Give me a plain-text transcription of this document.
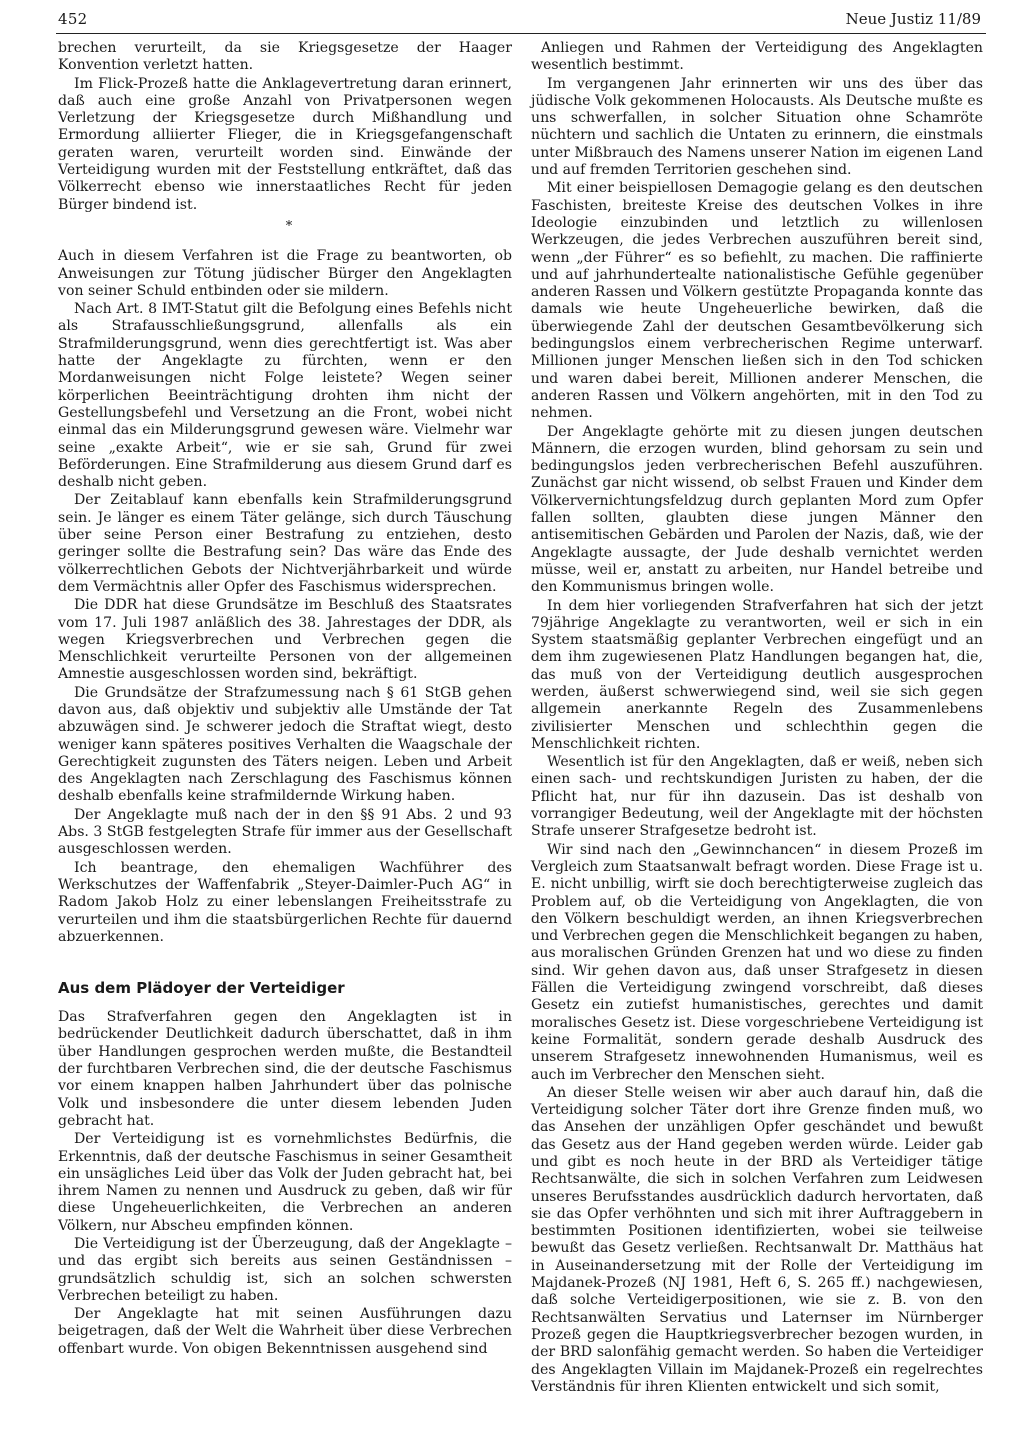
452	Neue Justiz 11/89

brechen verurteilt, da sie Kriegsgesetze der Haager Konvention verletzt hatten.

Im Flick-Prozeß hatte die Anklagevertretung daran erinnert, daß auch eine große Anzahl von Privatpersonen wegen Verletzung der Kriegsgesetze durch Mißhandlung und Ermordung alliierter Flieger, die in Kriegsgefangenschaft geraten waren, verurteilt worden sind. Einwände der Verteidigung wurden mit der Feststellung entkräftet, daß das Völkerrecht ebenso wie innerstaatliches Recht für jeden Bürger bindend ist.

*

Auch in diesem Verfahren ist die Frage zu beantworten, ob Anweisungen zur Tötung jüdischer Bürger den Angeklagten von seiner Schuld entbinden oder sie mildern.

Nach Art. 8 IMT-Statut gilt die Befolgung eines Befehls nicht als Strafausschließungsgrund, allenfalls als ein Strafmilderungsgrund, wenn dies gerechtfertigt ist. Was aber hatte der Angeklagte zu fürchten, wenn er den Mordanweisungen nicht Folge leistete? Wegen seiner körperlichen Beeinträchtigung drohten ihm nicht der Gestellungsbefehl und Versetzung an die Front, wobei nicht einmal das ein Milderungsgrund gewesen wäre. Vielmehr war seine „exakte Arbeit“, wie er sie sah, Grund für zwei Beförderungen. Eine Strafmilderung aus diesem Grund darf es deshalb nicht geben.

Der Zeitablauf kann ebenfalls kein Strafmilderungsgrund sein. Je länger es einem Täter gelänge, sich durch Täuschung über seine Person einer Bestrafung zu entziehen, desto geringer sollte die Bestrafung sein? Das wäre das Ende des völkerrechtlichen Gebots der Nichtverjährbarkeit und würde dem Vermächtnis aller Opfer des Faschismus widersprechen.

Die DDR hat diese Grundsätze im Beschluß des Staatsrates vom 17. Juli 1987 anläßlich des 38. Jahrestages der DDR, als wegen Kriegsverbrechen und Verbrechen gegen die Menschlichkeit verurteilte Personen von der allgemeinen Amnestie ausgeschlossen worden sind, bekräftigt.

Die Grundsätze der Strafzumessung nach § 61 StGB gehen davon aus, daß objektiv und subjektiv alle Umstände der Tat abzuwägen sind. Je schwerer jedoch die Straftat wiegt, desto weniger kann späteres positives Verhalten die Waagschale der Gerechtigkeit zugunsten des Täters neigen. Leben und Arbeit des Angeklagten nach Zerschlagung des Faschismus können deshalb ebenfalls keine strafmildernde Wirkung haben.

Der Angeklagte muß nach der in den §§ 91 Abs. 2 und 93 Abs. 3 StGB festgelegten Strafe für immer aus der Gesellschaft ausgeschlossen werden.

Ich beantrage, den ehemaligen Wachführer des Werkschutzes der Waffenfabrik „Steyer-Daimler-Puch AG“ in Radom Jakob Holz zu einer lebenslangen Freiheitsstrafe zu verurteilen und ihm die staatsbürgerlichen Rechte für dauernd abzuerkennen.

Aus dem Plädoyer der Verteidiger

Das Strafverfahren gegen den Angeklagten ist in bedrückender Deutlichkeit dadurch überschattet, daß in ihm über Handlungen gesprochen werden mußte, die Bestandteil der furchtbaren Verbrechen sind, die der deutsche Faschismus vor einem knappen halben Jahrhundert über das polnische Volk und insbesondere die unter diesem lebenden Juden gebracht hat.

Der Verteidigung ist es vornehmlichstes Bedürfnis, die Erkenntnis, daß der deutsche Faschismus in seiner Gesamtheit ein unsägliches Leid über das Volk der Juden gebracht hat, bei ihrem Namen zu nennen und Ausdruck zu geben, daß wir für diese Ungeheuerlichkeiten, die Verbrechen an anderen Völkern, nur Abscheu empfinden können.

Die Verteidigung ist der Überzeugung, daß der Angeklagte – und das ergibt sich bereits aus seinen Geständnissen – grundsätzlich schuldig ist, sich an solchen schwersten Verbrechen beteiligt zu haben.

Der Angeklagte hat mit seinen Ausführungen dazu beigetragen, daß der Welt die Wahrheit über diese Verbrechen offenbart wurde. Von obigen Bekenntnissen ausgehend sind

Anliegen und Rahmen der Verteidigung des Angeklagten wesentlich bestimmt.

Im vergangenen Jahr erinnerten wir uns des über das jüdische Volk gekommenen Holocausts. Als Deutsche mußte es uns schwerfallen, in solcher Situation ohne Schamröte nüchtern und sachlich die Untaten zu erinnern, die einstmals unter Mißbrauch des Namens unserer Nation im eigenen Land und auf fremden Territorien geschehen sind.

Mit einer beispiellosen Demagogie gelang es den deutschen Faschisten, breiteste Kreise des deutschen Volkes in ihre Ideologie einzubinden und letztlich zu willenlosen Werkzeugen, die jedes Verbrechen auszuführen bereit sind, wenn „der Führer“ es so befiehlt, zu machen. Die raffinierte und auf jahrhundertealte nationalistische Gefühle gegenüber anderen Rassen und Völkern gestützte Propaganda konnte das damals wie heute Ungeheuerliche bewirken, daß die überwiegende Zahl der deutschen Gesamtbevölkerung sich bedingungslos einem verbrecherischen Regime unterwarf. Millionen junger Menschen ließen sich in den Tod schicken und waren dabei bereit, Millionen anderer Menschen, die anderen Rassen und Völkern angehörten, mit in den Tod zu nehmen.

Der Angeklagte gehörte mit zu diesen jungen deutschen Männern, die erzogen wurden, blind gehorsam zu sein und bedingungslos jeden verbrecherischen Befehl auszuführen. Zunächst gar nicht wissend, ob selbst Frauen und Kinder dem Völkervernichtungsfeldzug durch geplanten Mord zum Opfer fallen sollten, glaubten diese jungen Männer den antisemitischen Gebärden und Parolen der Nazis, daß, wie der Angeklagte aussagte, der Jude deshalb vernichtet werden müsse, weil er, anstatt zu arbeiten, nur Handel betreibe und den Kommunismus bringen wolle.

In dem hier vorliegenden Strafverfahren hat sich der jetzt 79jährige Angeklagte zu verantworten, weil er sich in ein System staatsmäßig geplanter Verbrechen eingefügt und an dem ihm zugewiesenen Platz Handlungen begangen hat, die, das muß von der Verteidigung deutlich ausgesprochen werden, äußerst schwerwiegend sind, weil sie sich gegen allgemein anerkannte Regeln des Zusammenlebens zivilisierter Menschen und schlechthin gegen die Menschlichkeit richten.

Wesentlich ist für den Angeklagten, daß er weiß, neben sich einen sach- und rechtskundigen Juristen zu haben, der die Pflicht hat, nur für ihn dazusein. Das ist deshalb von vorrangiger Bedeutung, weil der Angeklagte mit der höchsten Strafe unserer Strafgesetze bedroht ist.

Wir sind nach den „Gewinnchancen“ in diesem Prozeß im Vergleich zum Staatsanwalt befragt worden. Diese Frage ist u. E. nicht unbillig, wirft sie doch berechtigterweise zugleich das Problem auf, ob die Verteidigung von Angeklagten, die von den Völkern beschuldigt werden, an ihnen Kriegsverbrechen und Verbrechen gegen die Menschlichkeit begangen zu haben, aus moralischen Gründen Grenzen hat und wo diese zu finden sind. Wir gehen davon aus, daß unser Strafgesetz in diesen Fällen die Verteidigung zwingend vorschreibt, daß dieses Gesetz ein zutiefst humanistisches, gerechtes und damit moralisches Gesetz ist. Diese vorgeschriebene Verteidigung ist keine Formalität, sondern gerade deshalb Ausdruck des unserem Strafgesetz innewohnenden Humanismus, weil es auch im Verbrecher den Menschen sieht.

An dieser Stelle weisen wir aber auch darauf hin, daß die Verteidigung solcher Täter dort ihre Grenze finden muß, wo das Ansehen der unzähligen Opfer geschändet und bewußt das Gesetz aus der Hand gegeben werden würde. Leider gab und gibt es noch heute in der BRD als Verteidiger tätige Rechtsanwälte, die sich in solchen Verfahren zum Leidwesen unseres Berufsstandes ausdrücklich dadurch hervortaten, daß sie das Opfer verhöhnten und sich mit ihrer Auftraggebern in bestimmten Positionen identifizierten, wobei sie teilweise bewußt das Gesetz verließen. Rechtsanwalt Dr. Matthäus hat in Auseinandersetzung mit der Rolle der Verteidigung im Majdanek-Prozeß (NJ 1981, Heft 6, S. 265 ff.) nachgewiesen, daß solche Verteidigerpositionen, wie sie z. B. von den Rechtsanwälten Servatius und Laternser im Nürnberger Prozeß gegen die Hauptkriegsverbrecher bezogen wurden, in der BRD salonfähig gemacht werden. So haben die Verteidiger des Angeklagten Villain im Majdanek-Prozeß ein regelrechtes Verständnis für ihren Klienten entwickelt und sich somit,
